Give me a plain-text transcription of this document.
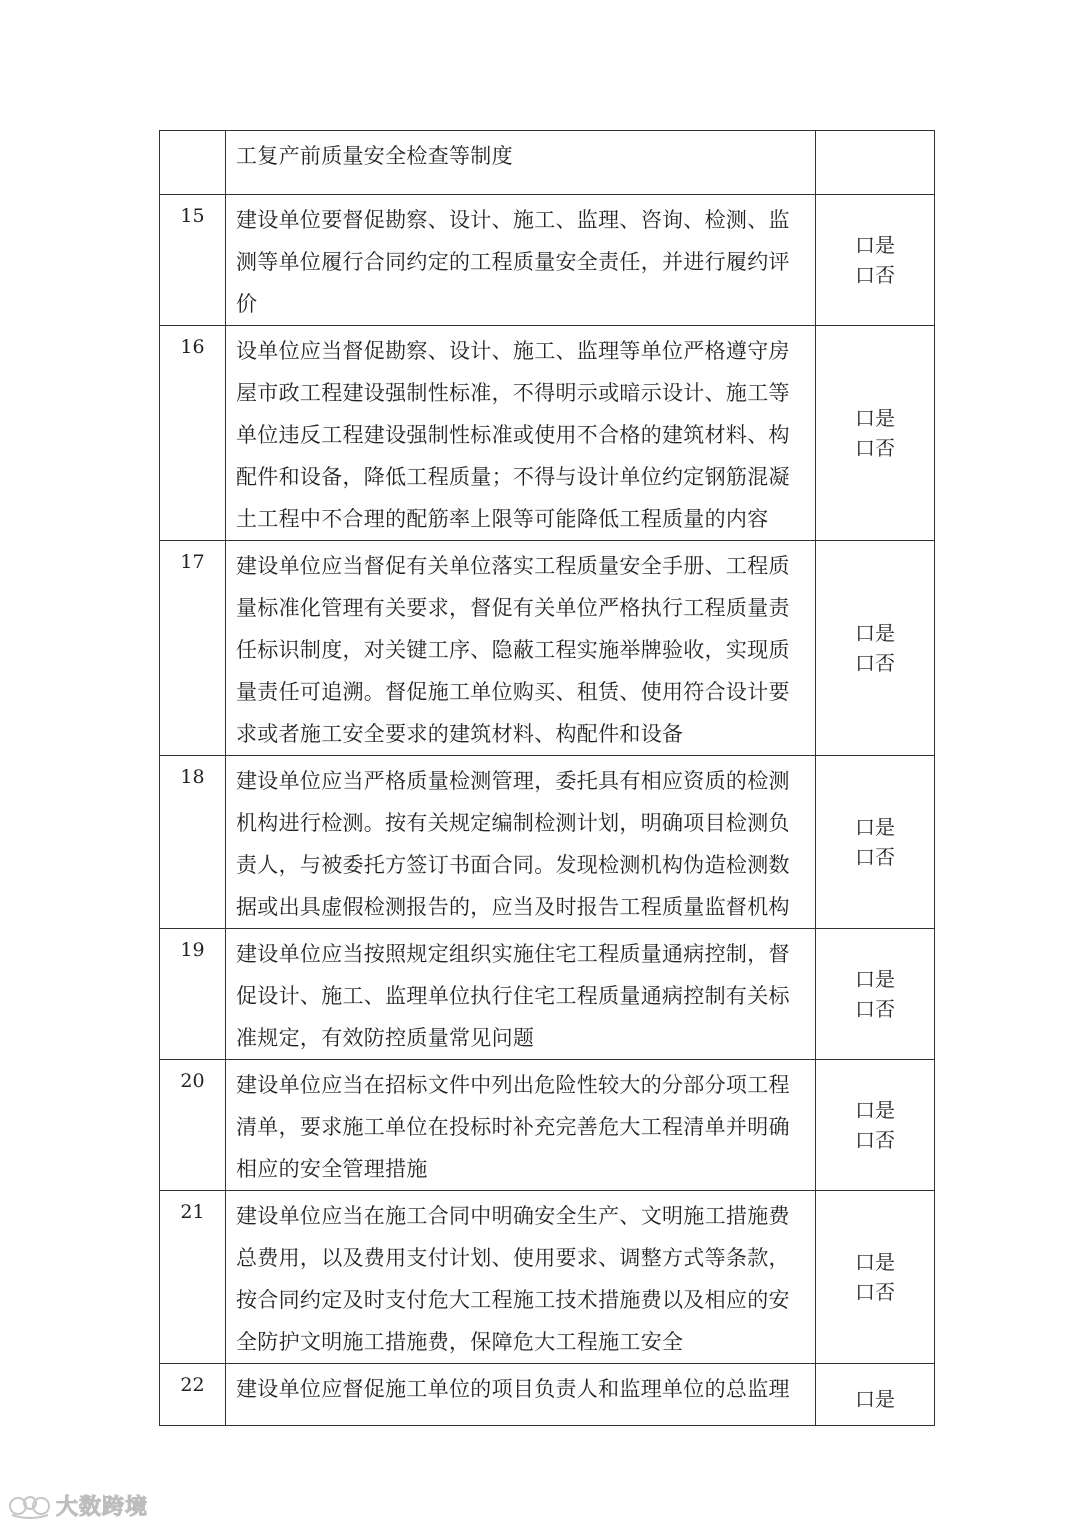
	工复产前质量安全检查等制度	
15	建设单位要督促勘察、设计、施工、监理、咨询、检测、监测等单位履行合同约定的工程质量安全责任，并进行履约评价	口是
口否

16	设单位应当督促勘察、设计、施工、监理等单位严格遵守房屋市政工程建设强制性标准，不得明示或暗示设计、施工等单位违反工程建设强制性标准或使用不合格的建筑材料、构配件和设备，降低工程质量；不得与设计单位约定钢筋混凝土工程中不合理的配筋率上限等可能降低工程质量的内容	口是
口否

17	建设单位应当督促有关单位落实工程质量安全手册、工程质量标准化管理有关要求，督促有关单位严格执行工程质量责任标识制度，对关键工序、隐蔽工程实施举牌验收，实现质量责任可追溯。督促施工单位购买、租赁、使用符合设计要求或者施工安全要求的建筑材料、构配件和设备	口是
口否

18	建设单位应当严格质量检测管理，委托具有相应资质的检测机构进行检测。按有关规定编制检测计划，明确项目检测负责人，与被委托方签订书面合同。发现检测机构伪造检测数据或出具虚假检测报告的，应当及时报告工程质量监督机构	口是
口否

19	建设单位应当按照规定组织实施住宅工程质量通病控制，督促设计、施工、监理单位执行住宅工程质量通病控制有关标准规定，有效防控质量常见问题	口是
口否

20	建设单位应当在招标文件中列出危险性较大的分部分项工程清单，要求施工单位在投标时补充完善危大工程清单并明确相应的安全管理措施	口是
口否

21	建设单位应当在施工合同中明确安全生产、文明施工措施费总费用，以及费用支付计划、使用要求、调整方式等条款，按合同约定及时支付危大工程施工技术措施费以及相应的安全防护文明施工措施费，保障危大工程施工安全	口是
口否

22	建设单位应督促施工单位的项目负责人和监理单位的总监理	口是
大数跨境
